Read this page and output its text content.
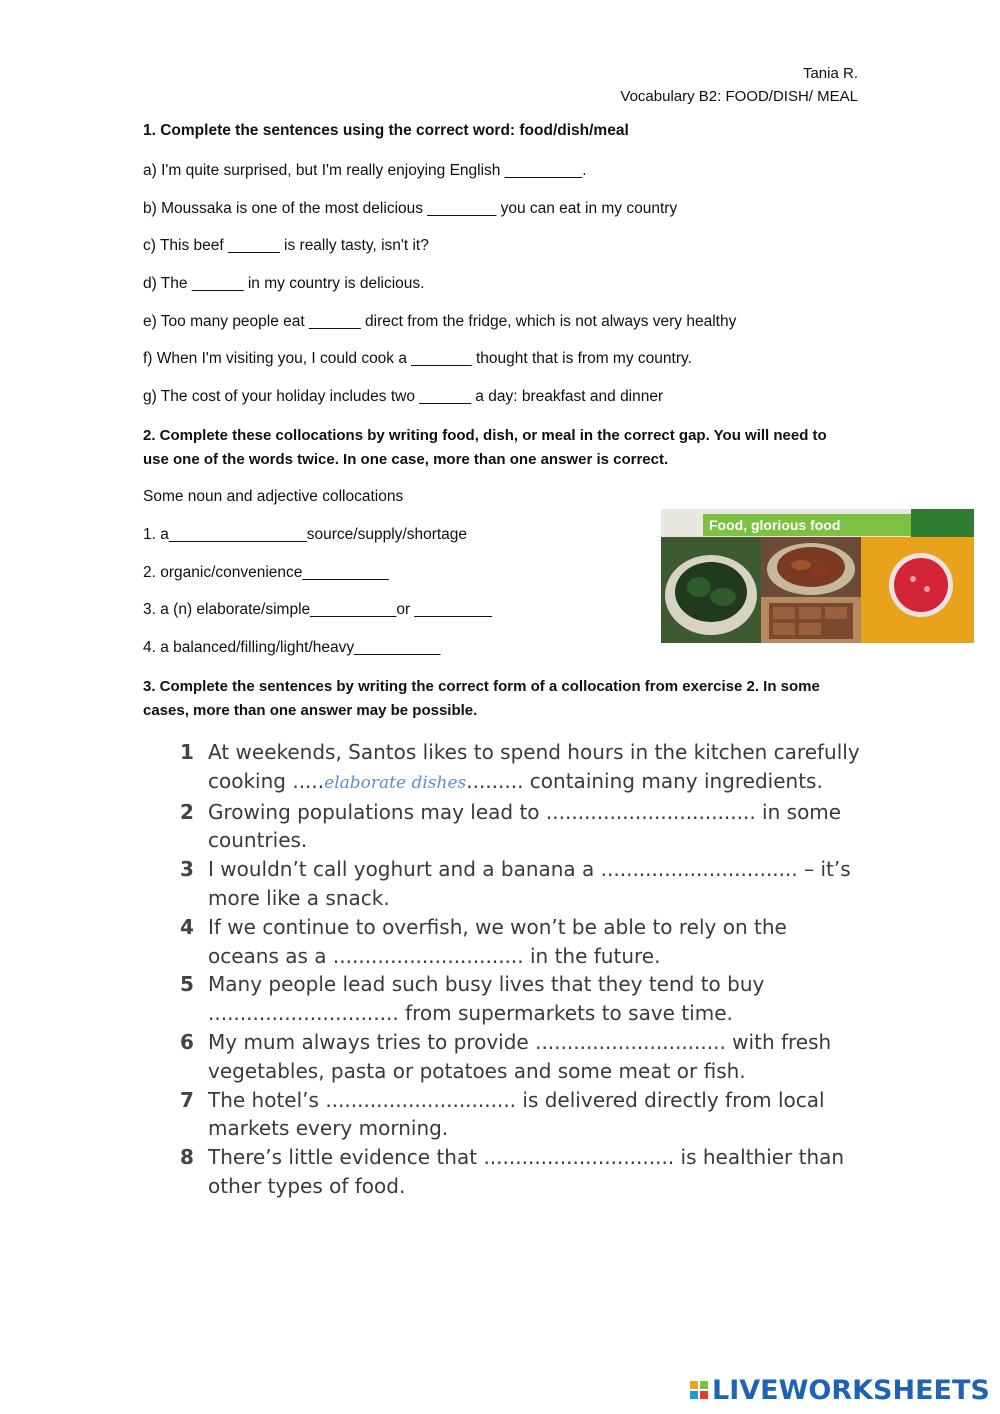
Tania R.
Vocabulary B2: FOOD/DISH/ MEAL
1. Complete the sentences using the correct word: food/dish/meal
a) I'm quite surprised, but I'm really enjoying English _________.
b) Moussaka is one of the most delicious ________ you can eat in my country
c) This beef ______ is really tasty, isn't it?
d) The ______ in my country is delicious.
e) Too many people eat ______ direct from the fridge, which is not always very healthy
f) When I'm visiting you, I could cook a _______ thought that is from my country.
g) The cost of your holiday includes two ______ a day: breakfast and dinner
2. Complete these collocations by writing food, dish, or meal in the correct gap. You will need to use one of the words twice. In one case, more than one answer is correct.
Some noun and adjective collocations
1. a________________source/supply/shortage
2. organic/convenience__________
3. a (n) elaborate/simple__________or _________
4. a balanced/filling/light/heavy__________
Food, glorious food
3. Complete the sentences by writing the correct form of a collocation from exercise 2. In some cases, more than one answer may be possible.
1 At weekends, Santos likes to spend hours in the kitchen carefully cooking .....elaborate dishes......... containing many ingredients.
2 Growing populations may lead to ................................. in some countries.
3 I wouldn’t call yoghurt and a banana a ............................... – it’s more like a snack.
4 If we continue to overfish, we won’t be able to rely on the oceans as a .............................. in the future.
5 Many people lead such busy lives that they tend to buy .............................. from supermarkets to save time.
6 My mum always tries to provide .............................. with fresh vegetables, pasta or potatoes and some meat or fish.
7 The hotel’s .............................. is delivered directly from local markets every morning.
8 There’s little evidence that .............................. is healthier than other types of food.
LIVEWORKSHEETS
